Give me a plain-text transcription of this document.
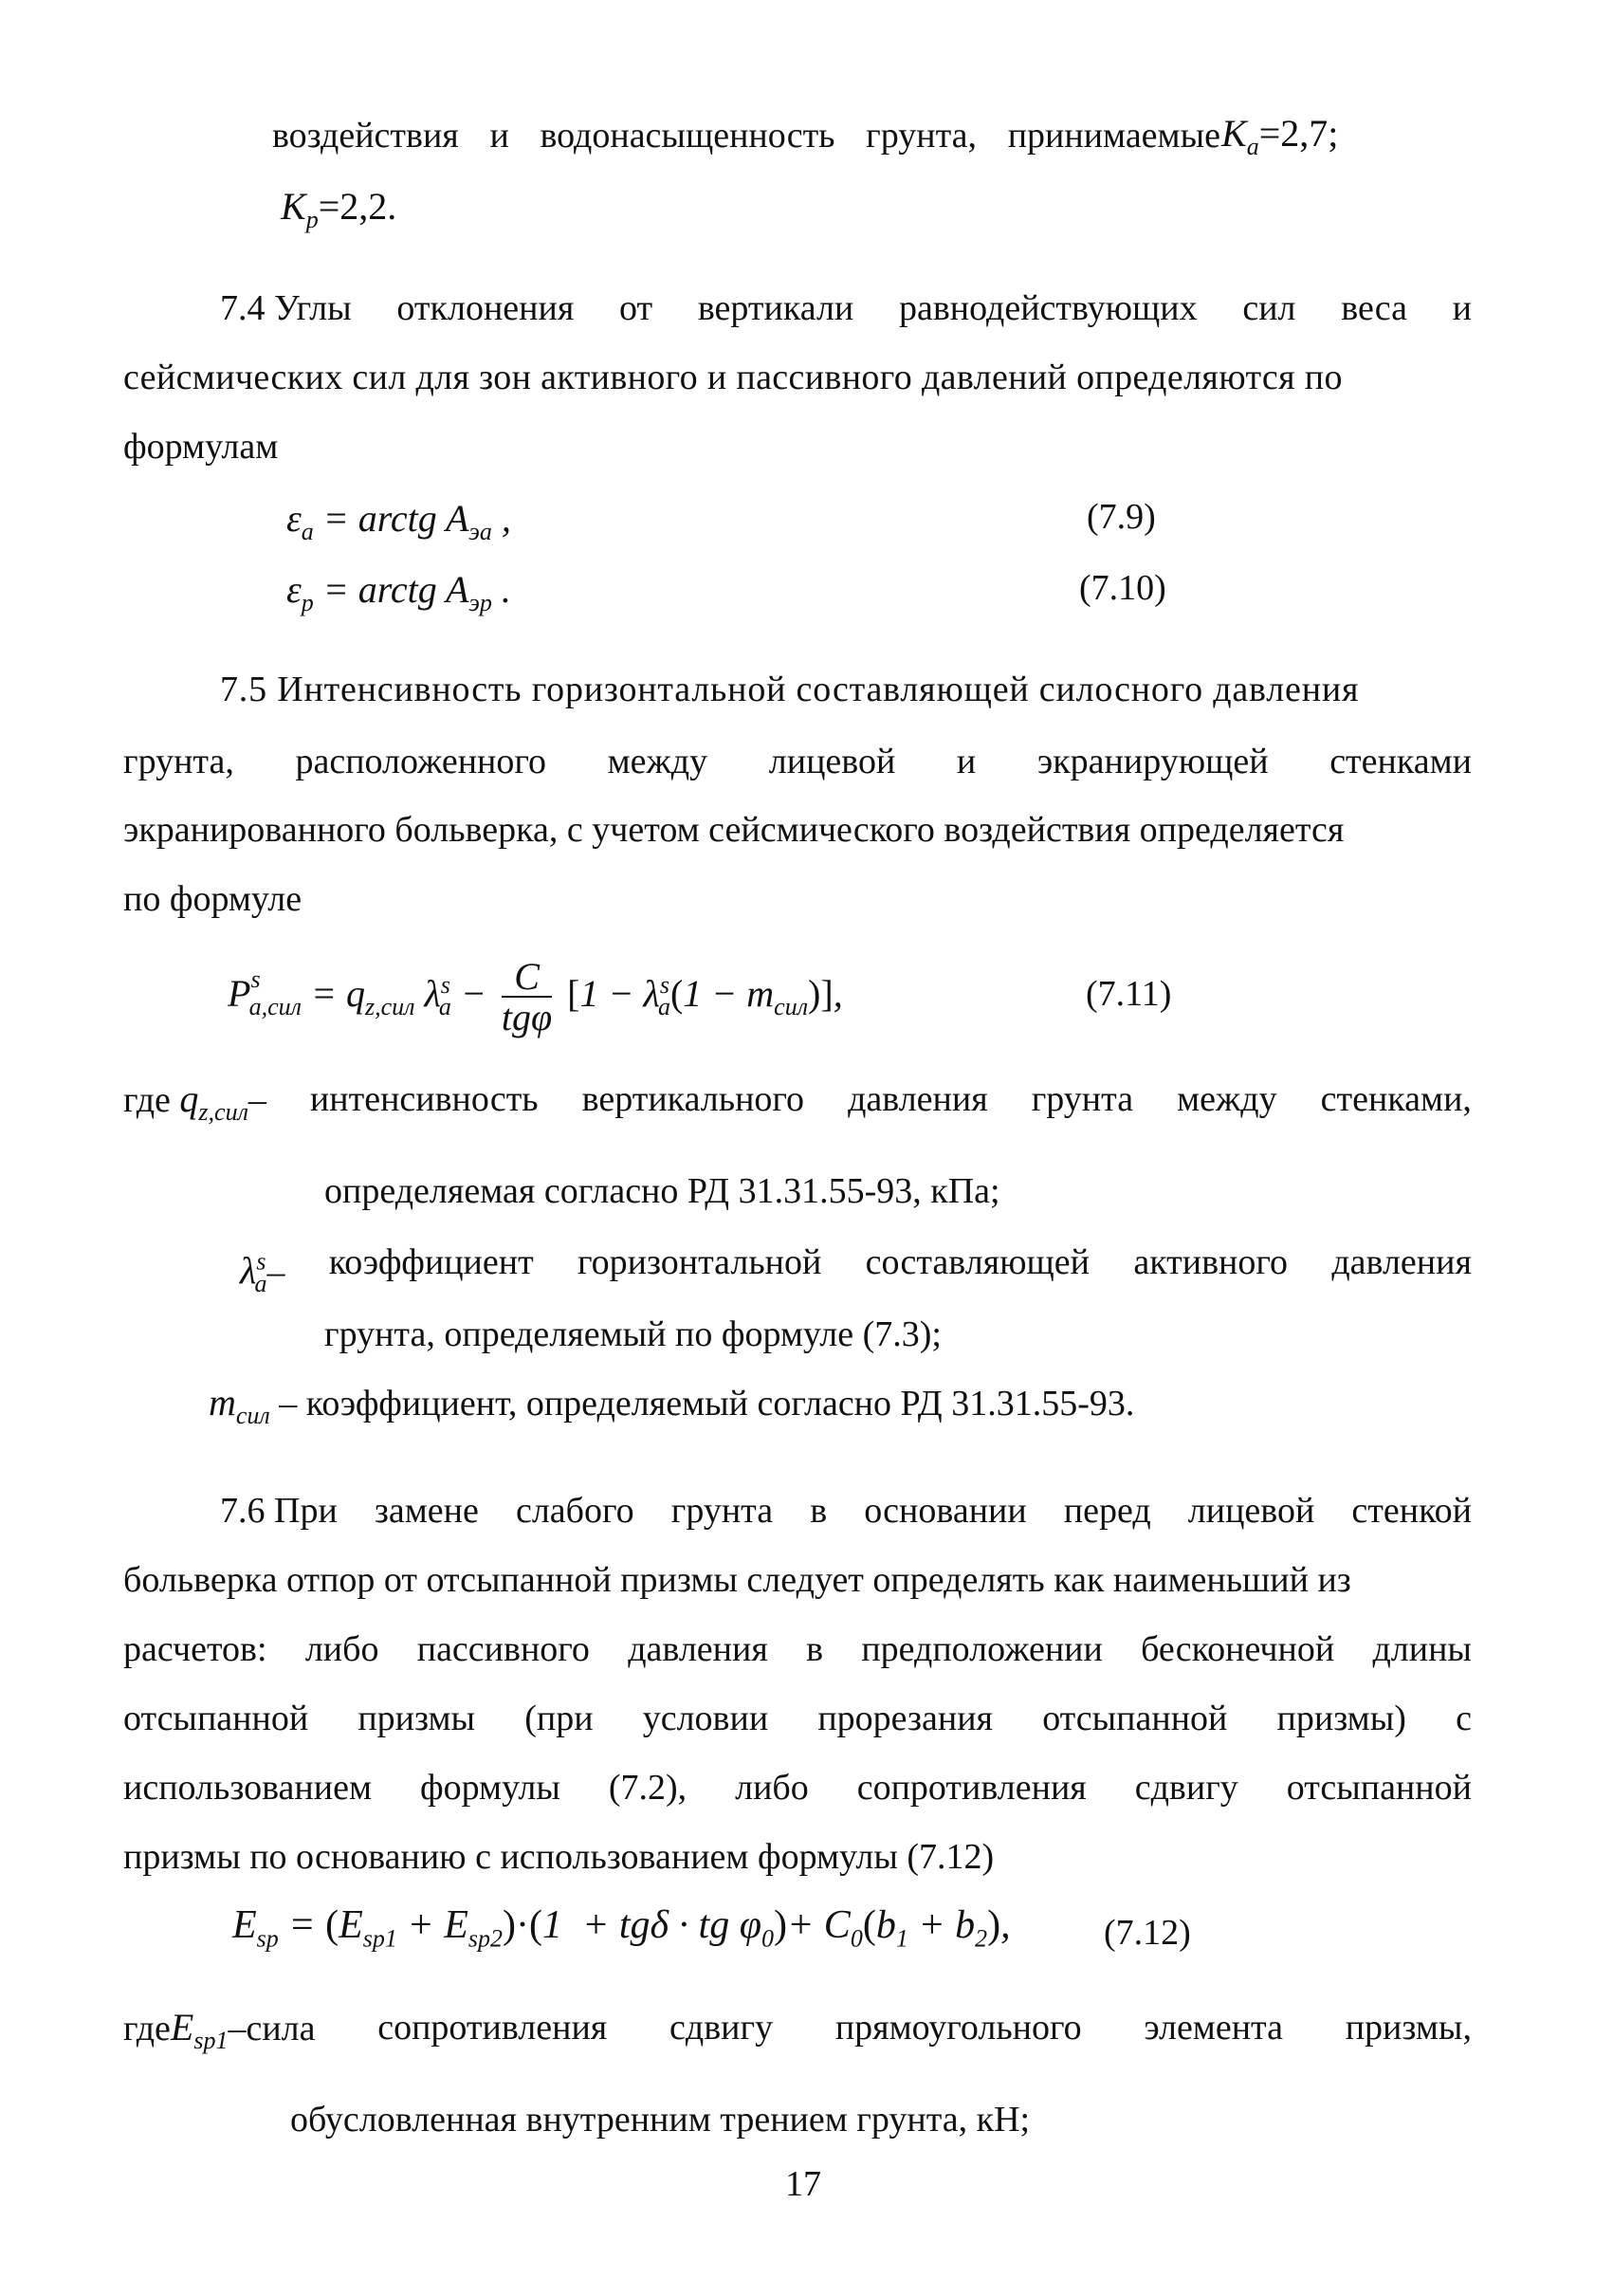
воздействия и водонасыщенность грунта, принимаемые $K_a=2,7$;
$K_p=2,2$.
7.4 Углы отклонения от вертикали равнодействующих сил веса и
сейсмических сил для зон активного и пассивного давлений определяются по
формулам
$\varepsilon_a$ = arctg $A_{эа}$ ,	(7.9)
$\varepsilon_p$ = arctg $A_{эр}$ .	(7.10)
7.5 Интенсивность горизонтальной составляющей силосного давления
грунта, расположенного между лицевой и экранирующей стенками
экранированного больверка, с учетом сейсмического воздействия определяется
по формуле
$P^s_{a,сил} = q_{z,сил}$ $\lambda^s_a - C$
tgφ
$[1 - \lambda^s_a(1 - m_{сил})]$,	(7.11)
где $q_{z,сил}-$ интенсивность вертикального давления грунта между стенками,
определяемая согласно РД 31.31.55-93, кПа;
$\lambda^s_a-$ коэффициент горизонтальной составляющей активного давления
грунта, определяемый по формуле (7.3);
$m_{сил}$ – коэффициент, определяемый согласно РД 31.31.55-93.
7.6 При замене слабого грунта в основании перед лицевой стенкой
больверка отпор от отсыпанной призмы следует определять как наименьший из
расчетов: либо пассивного давления в предположении бесконечной длины
отсыпанной призмы (при условии прорезания отсыпанной призмы) с
использованием формулы (7.2), либо сопротивления сдвигу отсыпанной
призмы по основанию с использованием формулы (7.12)
$E_{sp} = (E_{sp1} + E_{sp2})\cdot(1 + tg\delta$ · tg $\varphi_0)+ C_0(b_1 + b_2)$,	(7.12)
гдеE$_{sp1}$–сила сопротивления сдвигу прямоугольного элемента призмы,
обусловленная внутренним трением грунта, кН;
17
